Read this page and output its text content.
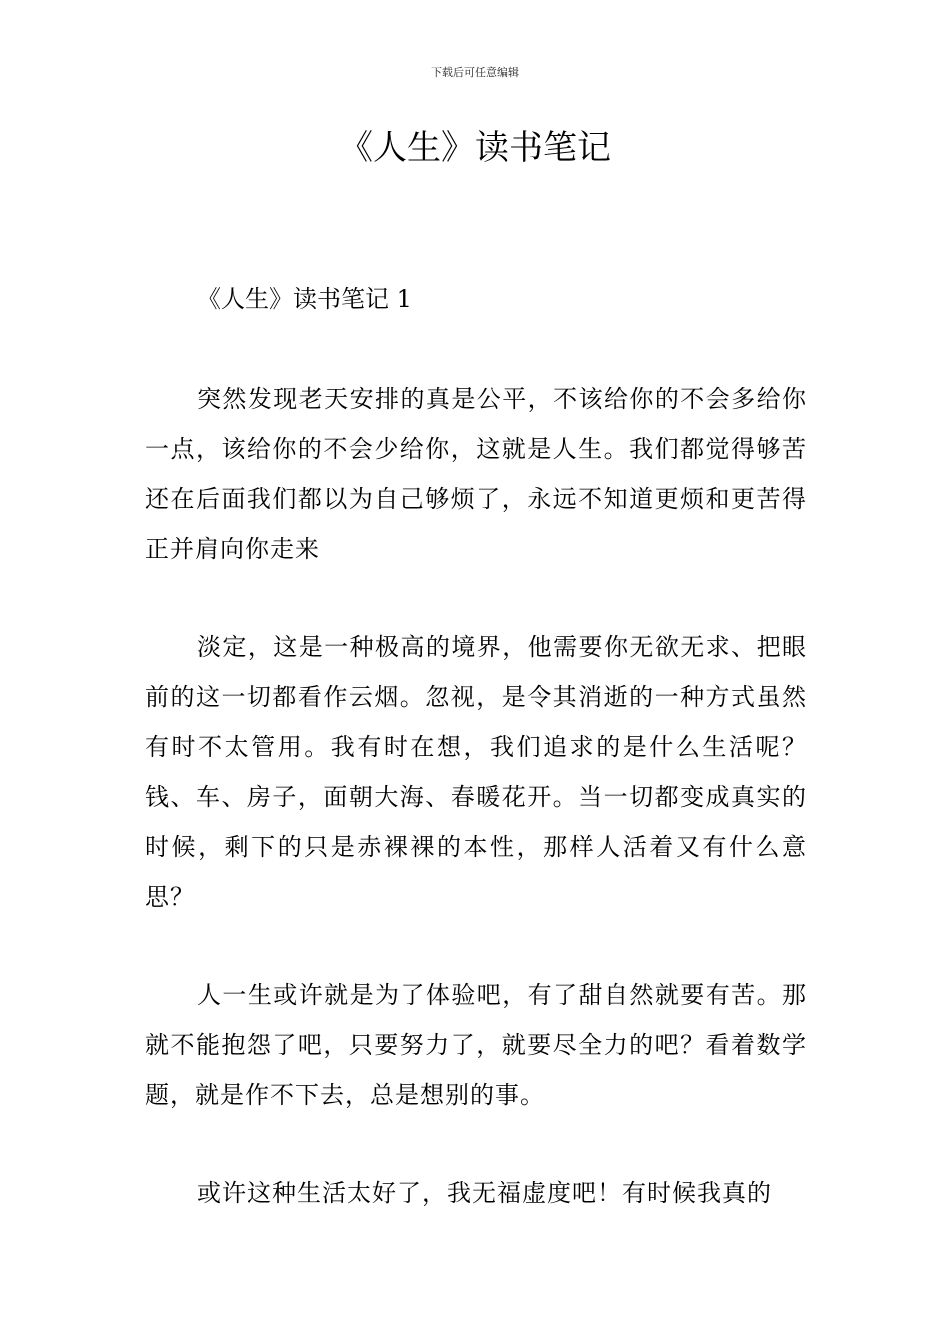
下载后可任意编辑
《人生》读书笔记
《人生》读书笔记 1

突然发现老天安排的真是公平，不该给你的不会多给你一点，该给你的不会少给你，这就是人生。我们都觉得够苦还在后面我们都以为自己够烦了，永远不知道更烦和更苦得正并肩向你走来

淡定，这是一种极高的境界，他需要你无欲无求、把眼前的这一切都看作云烟。忽视，是令其消逝的一种方式虽然有时不太管用。我有时在想，我们追求的是什么生活呢？钱、车、房子，面朝大海、春暖花开。当一切都变成真实的时候，剩下的只是赤裸裸的本性，那样人活着又有什么意思？

人一生或许就是为了体验吧，有了甜自然就要有苦。那就不能抱怨了吧，只要努力了，就要尽全力的吧？看着数学题，就是作不下去，总是想别的事。

或许这种生活太好了，我无福虚度吧！有时候我真的
